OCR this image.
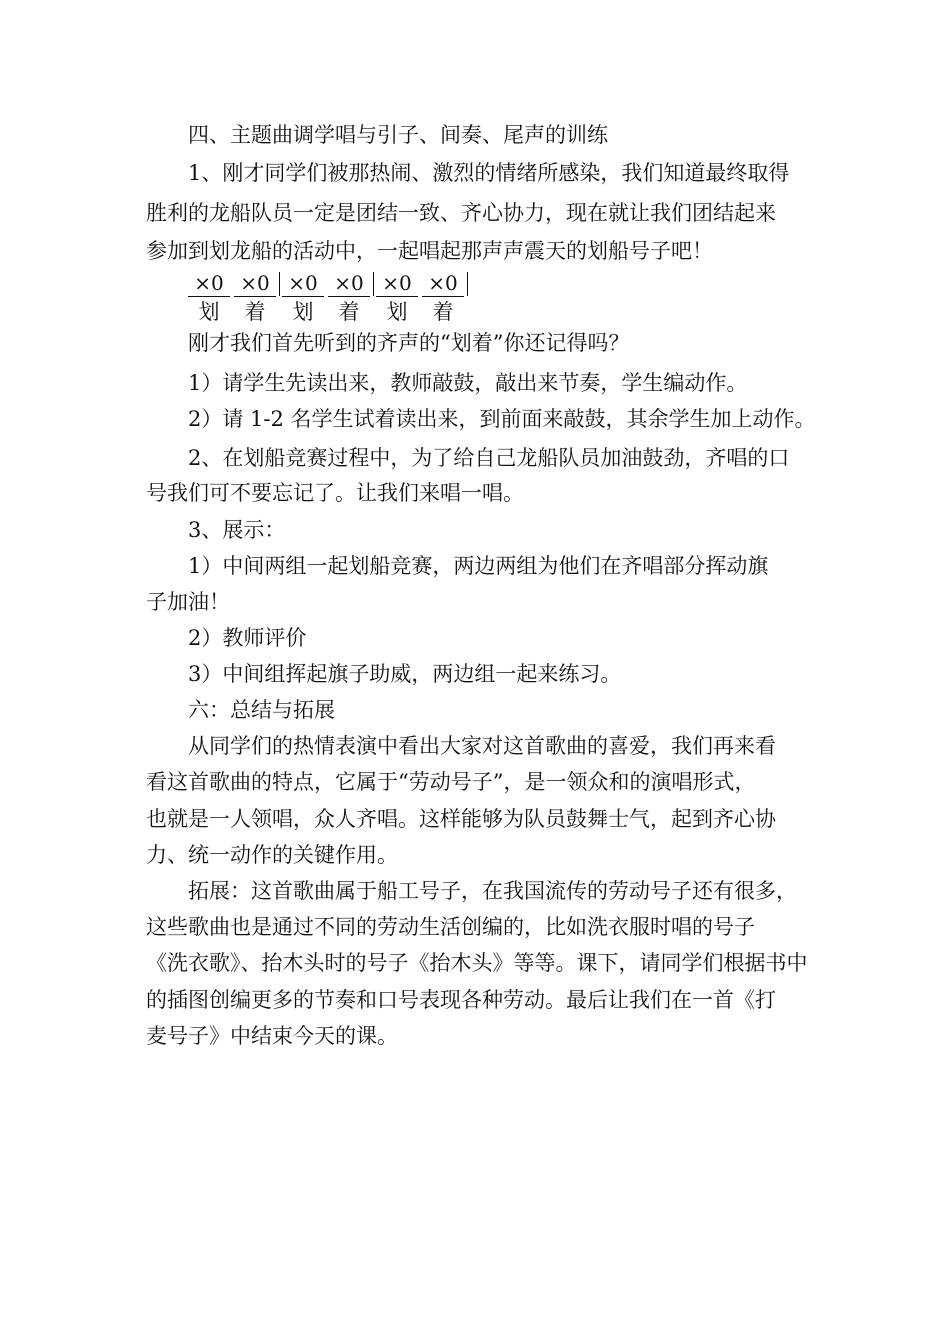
四、主题曲调学唱与引子、间奏、尾声的训练
1、刚才同学们被那热闹、激烈的情绪所感染，我们知道最终取得
胜利的龙船队员一定是团结一致、齐心协力，现在就让我们团结起来
参加到划龙船的活动中，一起唱起那声声震天的划船号子吧！
×0
划
×0
着
×0
划
×0
着
×0
划
×0
着
刚才我们首先听到的齐声的“划着”你还记得吗？
1）请学生先读出来，教师敲鼓，敲出来节奏，学生编动作。
2）请 1-2 名学生试着读出来，到前面来敲鼓，其余学生加上动作。
2、在划船竞赛过程中，为了给自己龙船队员加油鼓劲，齐唱的口
号我们可不要忘记了。让我们来唱一唱。
3、展示：
1）中间两组一起划船竞赛，两边两组为他们在齐唱部分挥动旗
子加油！
2）教师评价
3）中间组挥起旗子助威，两边组一起来练习。
六：总结与拓展
从同学们的热情表演中看出大家对这首歌曲的喜爱，我们再来看
看这首歌曲的特点，它属于“劳动号子”，是一领众和的演唱形式，
也就是一人领唱，众人齐唱。这样能够为队员鼓舞士气，起到齐心协
力、统一动作的关键作用。
拓展：这首歌曲属于船工号子，在我国流传的劳动号子还有很多，
这些歌曲也是通过不同的劳动生活创编的，比如洗衣服时唱的号子
《洗衣歌》、抬木头时的号子《抬木头》等等。课下，请同学们根据书中
的插图创编更多的节奏和口号表现各种劳动。最后让我们在一首《打
麦号子》中结束今天的课。
